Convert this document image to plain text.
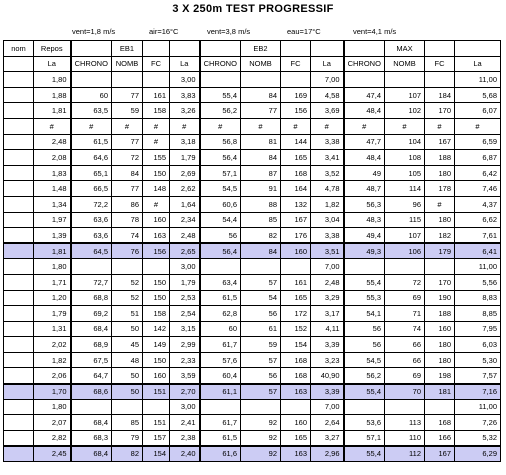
3 X 250m TEST PROGRESSIF
vent=1,8 m/s	air=16°C	vent=3,8 m/s	eau=17°C	vent=4,1 m/s
nom	Repos		EB1				EB2				MAX		
	La	CHRONO	NOMB	FC	La	CHRONO	NOMB	FC	La	CHRONO	NOMB	FC	La
	1,80				3,00				7,00				11,00
	1,88	60	77	161	3,83	55,4	84	169	4,58	47,4	107	184	5,68
	1,81	63,5	59	158	3,26	56,2	77	156	3,69	48,4	102	170	6,07
	#	#	#	#	#	#	#	#	#	#	#	#	#
	2,48	61,5	77	#	3,18	56,8	81	144	3,38	47,7	104	167	6,59
	2,08	64,6	72	155	1,79	56,4	84	165	3,41	48,4	108	188	6,87
	1,83	65,1	84	150	2,69	57,1	87	168	3,52	49	105	180	6,42
	1,48	66,5	77	148	2,62	54,5	91	164	4,78	48,7	114	178	7,46
	1,34	72,2	86	#	1,64	60,6	88	132	1,82	56,3	96	#	4,37
	1,97	63,6	78	160	2,34	54,4	85	167	3,04	48,3	115	180	6,62
	1,39	63,6	74	163	2,48	56	82	176	3,38	49,4	107	182	7,61
	1,81	64,5	76	156	2,65	56,4	84	160	3,51	49,3	106	179	6,41
	1,80				3,00				7,00				11,00
	1,71	72,7	52	150	1,79	63,4	57	161	2,48	55,4	72	170	5,56
	1,20	68,8	52	150	2,53	61,5	54	165	3,29	55,3	69	190	8,83
	1,79	69,2	51	158	2,54	62,8	56	172	3,17	54,1	71	188	8,85
	1,31	68,4	50	142	3,15	60	61	152	4,11	56	74	160	7,95
	2,02	68,9	45	149	2,99	61,7	59	154	3,39	56	66	180	6,03
	1,82	67,5	48	150	2,33	57,6	57	168	3,23	54,5	66	180	5,30
	2,06	64,7	50	160	3,59	60,4	56	168	40,90	56,2	69	198	7,57
	1,70	68,6	50	151	2,70	61,1	57	163	3,39	55,4	70	181	7,16
	1,80				3,00				7,00				11,00
	2,07	68,4	85	151	2,41	61,7	92	160	2,64	53,6	113	168	7,26
	2,82	68,3	79	157	2,38	61,5	92	165	3,27	57,1	110	166	5,32
	2,45	68,4	82	154	2,40	61,6	92	163	2,96	55,4	112	167	6,29
